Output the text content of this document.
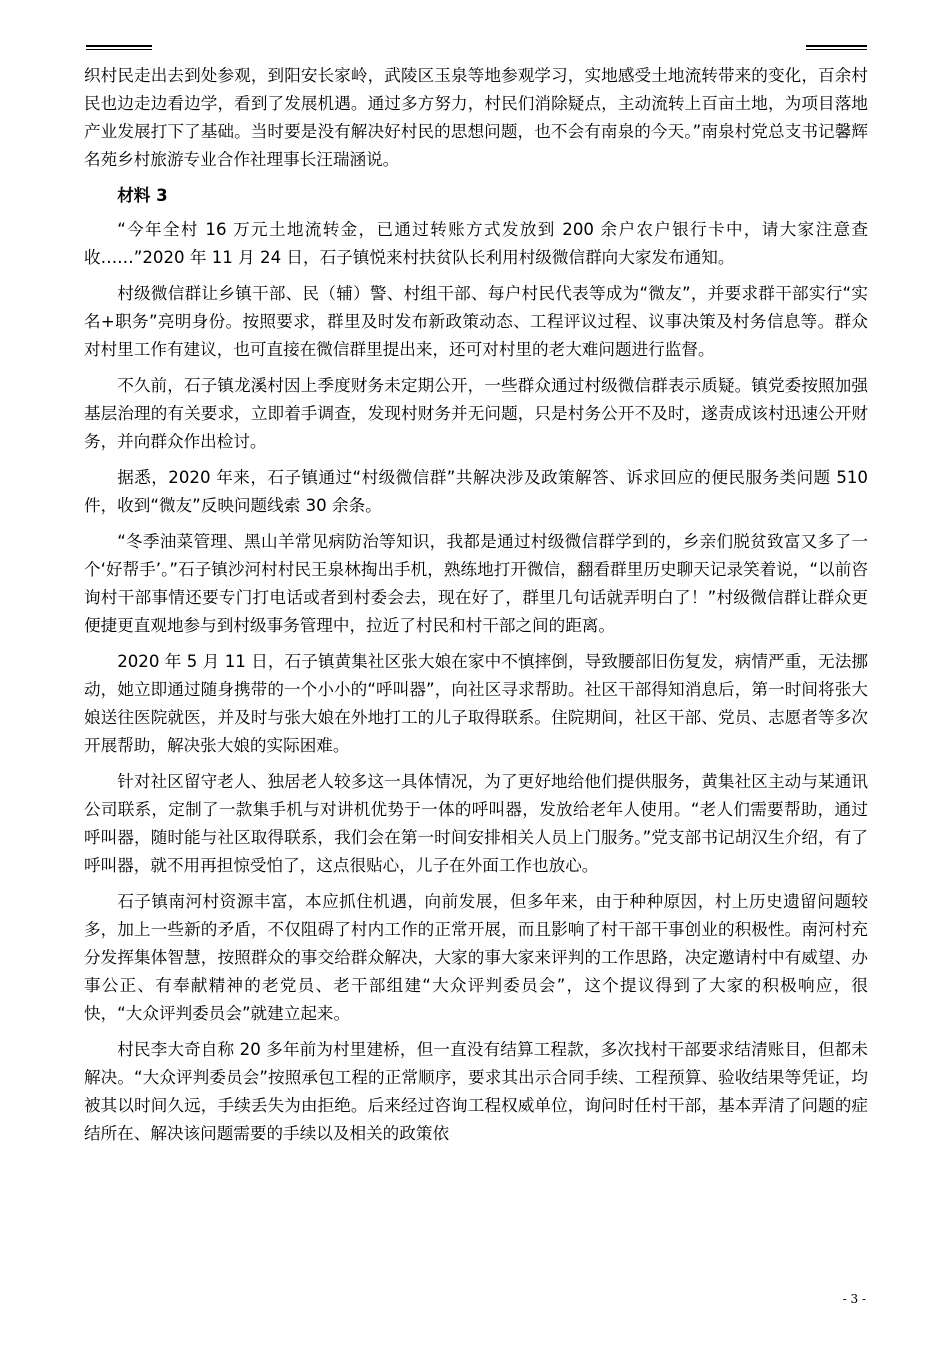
织村民走出去到处参观，到阳安长家岭，武陵区玉泉等地参观学习，实地感受土地流转带来的变化，百余村民也边走边看边学，看到了发展机遇。通过多方努力，村民们消除疑点，主动流转上百亩土地，为项目落地产业发展打下了基础。当时要是没有解决好村民的思想问题，也不会有南泉的今天。”南泉村党总支书记馨辉名苑乡村旅游专业合作社理事长汪瑞涵说。

材料 3

“今年全村 16 万元土地流转金，已通过转账方式发放到 200 余户农户银行卡中，请大家注意查收……”2020 年 11 月 24 日，石子镇悦来村扶贫队长利用村级微信群向大家发布通知。

村级微信群让乡镇干部、民（辅）警、村组干部、每户村民代表等成为“微友”，并要求群干部实行“实名+职务”亮明身份。按照要求，群里及时发布新政策动态、工程评议过程、议事决策及村务信息等。群众对村里工作有建议，也可直接在微信群里提出来，还可对村里的老大难问题进行监督。

不久前，石子镇龙溪村因上季度财务未定期公开，一些群众通过村级微信群表示质疑。镇党委按照加强基层治理的有关要求，立即着手调查，发现村财务并无问题，只是村务公开不及时，遂责成该村迅速公开财务，并向群众作出检讨。

据悉，2020 年来，石子镇通过“村级微信群”共解决涉及政策解答、诉求回应的便民服务类问题 510 件，收到“微友”反映问题线索 30 余条。

“冬季油菜管理、黑山羊常见病防治等知识，我都是通过村级微信群学到的，乡亲们脱贫致富又多了一个‘好帮手’。”石子镇沙河村村民王泉林掏出手机，熟练地打开微信，翻看群里历史聊天记录笑着说，“以前咨询村干部事情还要专门打电话或者到村委会去，现在好了，群里几句话就弄明白了！”村级微信群让群众更便捷更直观地参与到村级事务管理中，拉近了村民和村干部之间的距离。

2020 年 5 月 11 日，石子镇黄集社区张大娘在家中不慎摔倒，导致腰部旧伤复发，病情严重，无法挪动，她立即通过随身携带的一个小小的“呼叫器”，向社区寻求帮助。社区干部得知消息后，第一时间将张大娘送往医院就医，并及时与张大娘在外地打工的儿子取得联系。住院期间，社区干部、党员、志愿者等多次开展帮助，解决张大娘的实际困难。

针对社区留守老人、独居老人较多这一具体情况，为了更好地给他们提供服务，黄集社区主动与某通讯公司联系，定制了一款集手机与对讲机优势于一体的呼叫器，发放给老年人使用。“老人们需要帮助，通过呼叫器，随时能与社区取得联系，我们会在第一时间安排相关人员上门服务。”党支部书记胡汉生介绍，有了呼叫器，就不用再担惊受怕了，这点很贴心，儿子在外面工作也放心。

石子镇南河村资源丰富，本应抓住机遇，向前发展，但多年来，由于种种原因，村上历史遗留问题较多，加上一些新的矛盾，不仅阻碍了村内工作的正常开展，而且影响了村干部干事创业的积极性。南河村充分发挥集体智慧，按照群众的事交给群众解决，大家的事大家来评判的工作思路，决定邀请村中有威望、办事公正、有奉献精神的老党员、老干部组建“大众评判委员会”，这个提议得到了大家的积极响应，很快，“大众评判委员会”就建立起来。

村民李大奇自称 20 多年前为村里建桥，但一直没有结算工程款，多次找村干部要求结清账目，但都未解决。“大众评判委员会”按照承包工程的正常顺序，要求其出示合同手续、工程预算、验收结果等凭证，均被其以时间久远，手续丢失为由拒绝。后来经过咨询工程权威单位，询问时任村干部，基本弄清了问题的症结所在、解决该问题需要的手续以及相关的政策依

- 3 -
